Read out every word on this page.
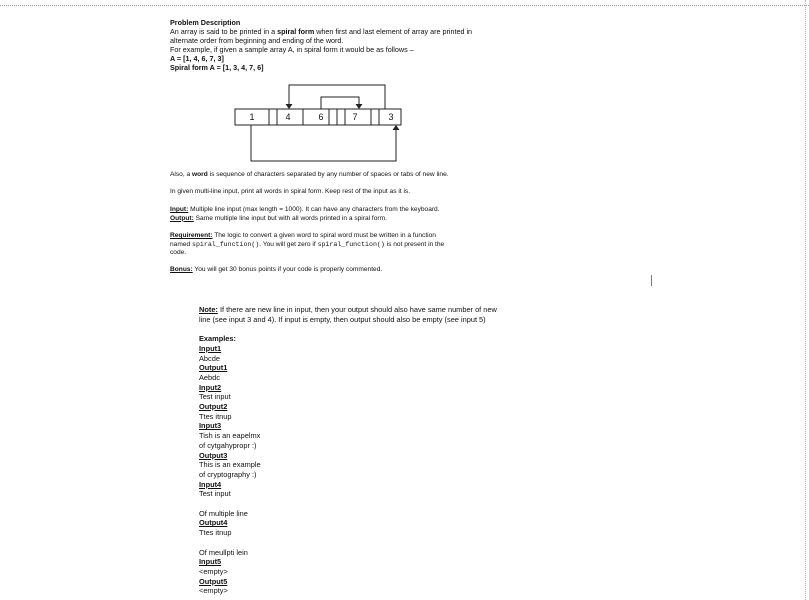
Problem Description

An array is said to be printed in a spiral form when first and last element of array are printed in

alternate order from beginning and ending of the word.

For example, if given a sample array A, in spiral form it would be as follows –

A = [1, 4, 6, 7, 3]

Spiral form A = [1, 3, 4, 7, 6]

1	4	6	7	3

Also, a word is sequence of characters separated by any number of spaces or tabs of new line.

In given multi-line input, print all words in spiral form. Keep rest of the input as it is.

Input: Multiple line input (max length = 1000). It can have any characters from the keyboard.

Output: Same multiple line input but with all words printed in a spiral form.

Requirement: The logic to convert a given word to spiral word must be written in a function

named spiral_function(). You will get zero if spiral_function() is not present in the

code.

Bonus: You will get 30 bonus points if your code is properly commented.

Note: If there are new line in input, then your output should also have same number of new

line (see input 3 and 4). If input is empty, then output should also be empty (see input 5)

Examples:

Input1

Abcde

Output1

Aebdc

Input2

Test input

Output2

Ttes itnup

Input3

Tish is an eapelmx

of cytgahypropr :)

Output3

This is an example

of cryptography :)

Input4

Test input

Of multiple line

Output4

Ttes itnup

Of meullpti lein

Input5

<empty>

Output5

<empty>
